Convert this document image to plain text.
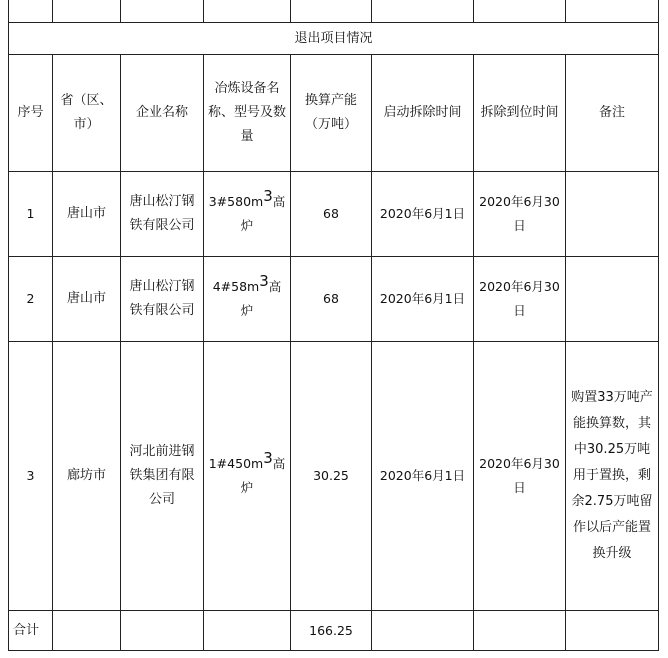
退出项目情况							
序号	省（区、市）	企业名称	冶炼设备名称、型号及数量	换算产能（万吨）	启动拆除时间	拆除到位时间	备注
1	唐山市	唐山松汀钢铁有限公司	$3\#580m^3$高炉	68	2020年6月1日	2020年6月30日	
2	唐山市	唐山松汀钢铁有限公司	$4\#58m^3$高炉	68	2020年6月1日	2020年6月30日	
3	廊坊市	河北前进钢铁集团有限公司	$1\#450m^3$高炉	30.25	2020年6月1日	2020年6月30日	购置33万吨产能换算数，其中30.25万吨用于置换，剩余2.75万吨留作以后产能置换升级
合计				166.25			
